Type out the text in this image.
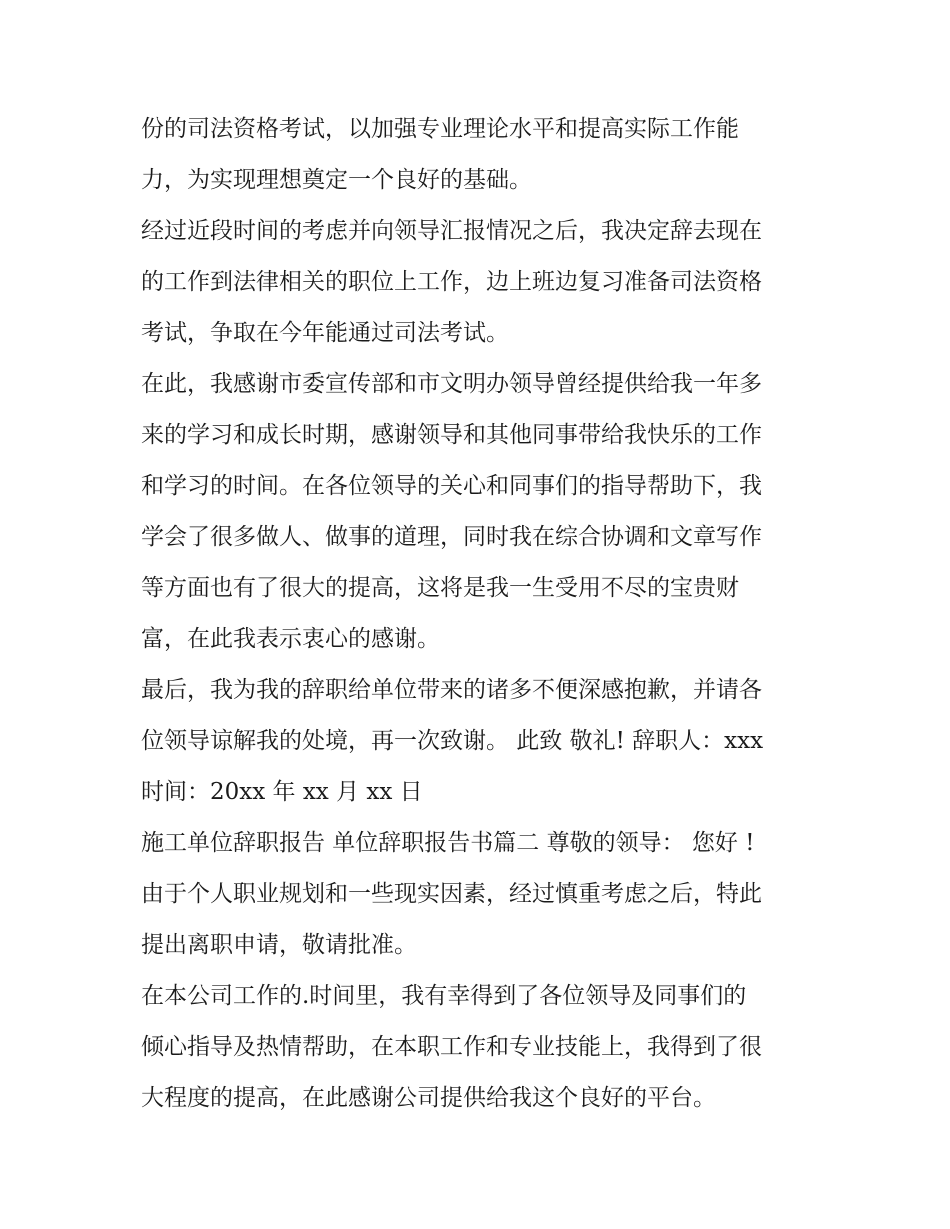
份的司法资格考试，以加强专业理论水平和提高实际工作能
力，为实现理想奠定一个良好的基础。
经过近段时间的考虑并向领导汇报情况之后，我决定辞去现在
的工作到法律相关的职位上工作，边上班边复习准备司法资格
考试，争取在今年能通过司法考试。
在此，我感谢市委宣传部和市文明办领导曾经提供给我一年多
来的学习和成长时期，感谢领导和其他同事带给我快乐的工作
和学习的时间。在各位领导的关心和同事们的指导帮助下，我
学会了很多做人、做事的道理，同时我在综合协调和文章写作
等方面也有了很大的提高，这将是我一生受用不尽的宝贵财
富，在此我表示衷心的感谢。
最后，我为我的辞职给单位带来的诸多不便深感抱歉，并请各
位领导谅解我的处境，再一次致谢。 此致 敬礼! 辞职人：xxx
时间：20xx 年 xx 月 xx 日
施工单位辞职报告 单位辞职报告书篇二 尊敬的领导： 您好 !
由于个人职业规划和一些现实因素，经过慎重考虑之后，特此
提出离职申请，敬请批准。
在本公司工作的.时间里，我有幸得到了各位领导及同事们的
倾心指导及热情帮助，在本职工作和专业技能上，我得到了很
大程度的提高，在此感谢公司提供给我这个良好的平台。
